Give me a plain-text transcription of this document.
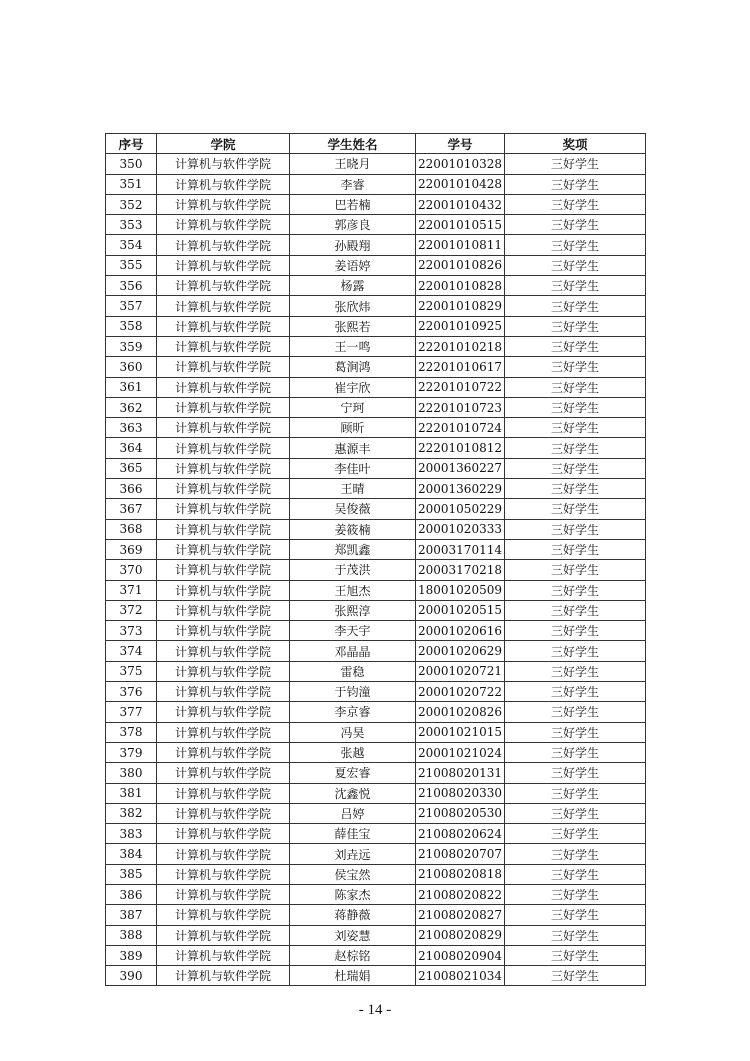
序号	学院	学生姓名	学号	奖项
350	计算机与软件学院	王晓月	22001010328	三好学生
351	计算机与软件学院	李睿	22001010428	三好学生
352	计算机与软件学院	巴若楠	22001010432	三好学生
353	计算机与软件学院	郭彦良	22001010515	三好学生
354	计算机与软件学院	孙殿翔	22001010811	三好学生
355	计算机与软件学院	姜语婷	22001010826	三好学生
356	计算机与软件学院	杨露	22001010828	三好学生
357	计算机与软件学院	张欣炜	22001010829	三好学生
358	计算机与软件学院	张熙若	22001010925	三好学生
359	计算机与软件学院	王一鸣	22201010218	三好学生
360	计算机与软件学院	葛涧鸿	22201010617	三好学生
361	计算机与软件学院	崔宇欣	22201010722	三好学生
362	计算机与软件学院	宁珂	22201010723	三好学生
363	计算机与软件学院	顾昕	22201010724	三好学生
364	计算机与软件学院	惠源丰	22201010812	三好学生
365	计算机与软件学院	李佳叶	20001360227	三好学生
366	计算机与软件学院	王晴	20001360229	三好学生
367	计算机与软件学院	吴俊薇	20001050229	三好学生
368	计算机与软件学院	姜筱楠	20001020333	三好学生
369	计算机与软件学院	郑凯鑫	20003170114	三好学生
370	计算机与软件学院	于茂洪	20003170218	三好学生
371	计算机与软件学院	王旭杰	18001020509	三好学生
372	计算机与软件学院	张熙淳	20001020515	三好学生
373	计算机与软件学院	李天宇	20001020616	三好学生
374	计算机与软件学院	邓晶晶	20001020629	三好学生
375	计算机与软件学院	雷稳	20001020721	三好学生
376	计算机与软件学院	于钧潼	20001020722	三好学生
377	计算机与软件学院	李京睿	20001020826	三好学生
378	计算机与软件学院	冯昊	20001021015	三好学生
379	计算机与软件学院	张越	20001021024	三好学生
380	计算机与软件学院	夏宏睿	21008020131	三好学生
381	计算机与软件学院	沈鑫悦	21008020330	三好学生
382	计算机与软件学院	吕婷	21008020530	三好学生
383	计算机与软件学院	薛佳宝	21008020624	三好学生
384	计算机与软件学院	刘垚远	21008020707	三好学生
385	计算机与软件学院	侯宝然	21008020818	三好学生
386	计算机与软件学院	陈家杰	21008020822	三好学生
387	计算机与软件学院	蒋静薇	21008020827	三好学生
388	计算机与软件学院	刘姿慧	21008020829	三好学生
389	计算机与软件学院	赵棕铭	21008020904	三好学生
390	计算机与软件学院	杜瑞娟	21008021034	三好学生
- 14 -
